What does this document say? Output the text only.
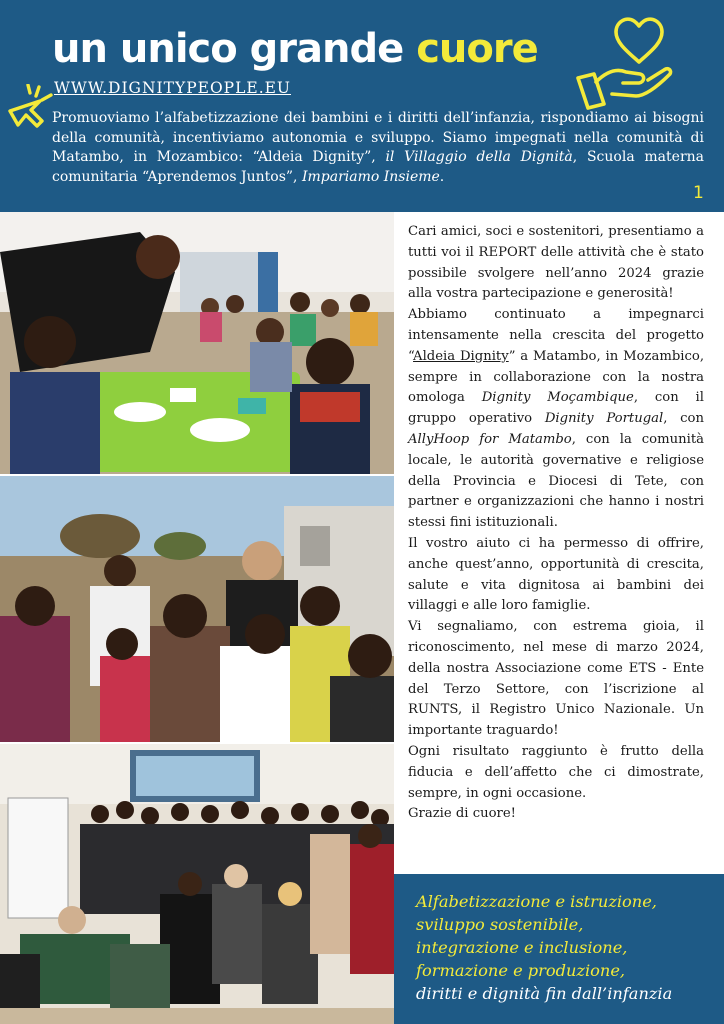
un unico grande cuore
WWW.DIGNITYPEOPLE.EU

Promuoviamo l’alfabetizzazione dei bambini e i diritti dell’infanzia, rispondiamo ai bisogni della comunità, incentiviamo autonomia e sviluppo. Siamo impegnati nella comunità di Matambo, in Mozambico: “Aldeia Dignity”, il Villaggio della Dignità, Scuola materna comunitaria “Aprendemos Juntos”, Impariamo Insieme.

1

Cari amici, soci e sostenitori, presentiamo a tutti voi il REPORT delle attività che è stato possibile svolgere nell’anno 2024 grazie alla vostra partecipazione e generosità!

Abbiamo continuato a impegnarci intensamente nella crescita del progetto “Aldeia Dignity” a Matambo, in Mozambico, sempre in collaborazione con la nostra omologa Dignity Moçambique, con il gruppo operativo Dignity Portugal, con AllyHoop for Matambo, con la comunità locale, le autorità governative e religiose della Provincia e Diocesi di Tete, con partner e organizzazioni che hanno i nostri stessi fini istituzionali.

Il vostro aiuto ci ha permesso di offrire, anche quest’anno, opportunità di crescita, salute e vita dignitosa ai bambini dei villaggi e alle loro famiglie.

Vi segnaliamo, con estrema gioia, il riconoscimento, nel mese di marzo 2024, della nostra Associazione come ETS - Ente del Terzo Settore, con l’iscrizione al RUNTS, il Registro Unico Nazionale. Un importante traguardo!

Ogni risultato raggiunto è frutto della fiducia e dell’affetto che ci dimostrate, sempre, in ogni occasione.

Grazie di cuore!

Alfabetizzazione e istruzione,
sviluppo sostenibile,
integrazione e inclusione,
formazione e produzione,
diritti e dignità fin dall’infanzia
